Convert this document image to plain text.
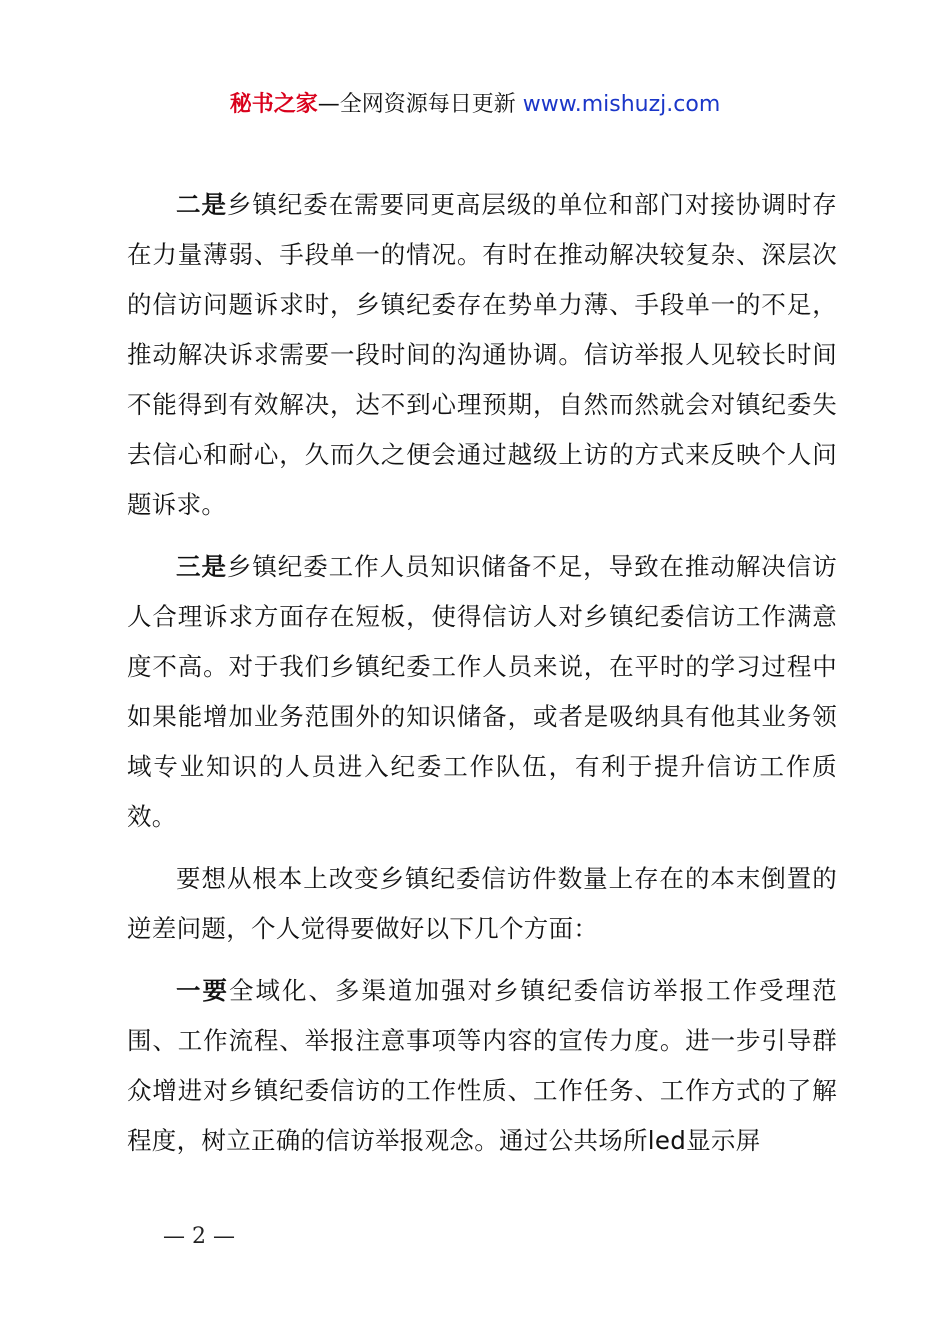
秘书之家—全网资源每日更新 www.mishuzj.com

二是乡镇纪委在需要同更高层级的单位和部门对接协调时存在力量薄弱、手段单一的情况。有时在推动解决较复杂、深层次的信访问题诉求时，乡镇纪委存在势单力薄、手段单一的不足，推动解决诉求需要一段时间的沟通协调。信访举报人见较长时间不能得到有效解决，达不到心理预期，自然而然就会对镇纪委失去信心和耐心，久而久之便会通过越级上访的方式来反映个人问题诉求。

三是乡镇纪委工作人员知识储备不足，导致在推动解决信访人合理诉求方面存在短板，使得信访人对乡镇纪委信访工作满意度不高。对于我们乡镇纪委工作人员来说，在平时的学习过程中如果能增加业务范围外的知识储备，或者是吸纳具有他其业务领域专业知识的人员进入纪委工作队伍，有利于提升信访工作质效。

要想从根本上改变乡镇纪委信访件数量上存在的本末倒置的逆差问题，个人觉得要做好以下几个方面：

一要全域化、多渠道加强对乡镇纪委信访举报工作受理范围、工作流程、举报注意事项等内容的宣传力度。进一步引导群众增进对乡镇纪委信访的工作性质、工作任务、工作方式的了解程度，树立正确的信访举报观念。通过公共场所led显示屏

— 2 —
